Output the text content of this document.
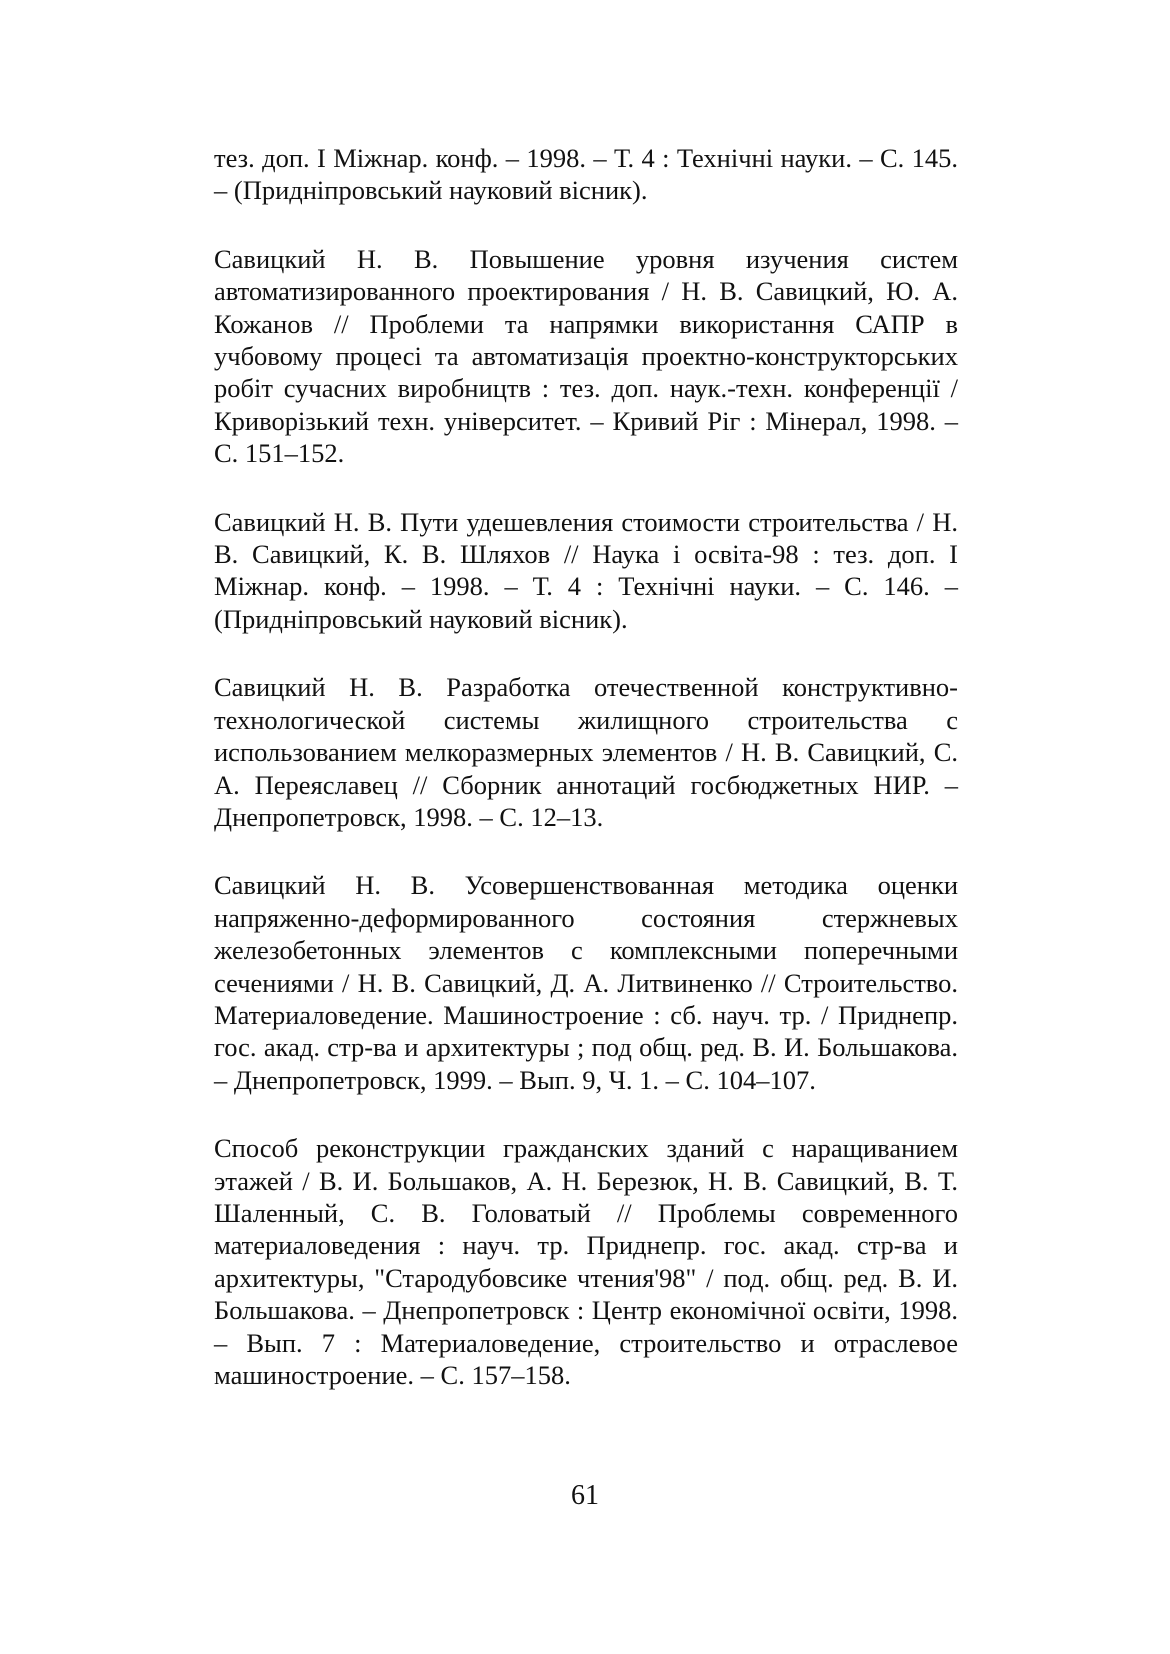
тез. доп. І Міжнар. конф. – 1998. – Т. 4 : Технічні науки. – С. 145. – (Придніпровський науковий вісник).

Савицкий Н. В. Повышение уровня изучения систем автоматизированного проектирования / Н. В. Савицкий, Ю. А. Кожанов // Проблеми та напрямки використання САПР в учбовому процесі та автоматизація проектно-конструкторських робіт сучасних виробництв : тез. доп. наук.-техн. конференції / Криворізький техн. університет. – Кривий Ріг : Мінерал, 1998. – С. 151–152.

Савицкий Н. В. Пути удешевления стоимости строительства / Н. В. Савицкий, К. В. Шляхов // Наука і освіта-98 : тез. доп. І Міжнар. конф. – 1998. – Т. 4 : Технічні науки. – С. 146. – (Придніпровський науковий вісник).

Савицкий Н. В. Разработка отечественной конструктивно-технологической системы жилищного строительства с использованием мелкоразмерных элементов / Н. В. Савицкий, С. А. Переяславец // Сборник аннотаций госбюджетных НИР. – Днепропетровск, 1998. – С. 12–13.

Савицкий Н. В. Усовершенствованная методика оценки напряженно-деформированного состояния стержневых железобетонных элементов с комплексными поперечными сечениями / Н. В. Савицкий, Д. А. Литвиненко // Строительство. Материаловедение. Машиностроение : сб. науч. тр. / Приднепр. гос. акад. стр-ва и архитектуры ; под общ. ред. В. И. Большакова. – Днепропетровск, 1999. – Вып. 9, Ч. 1. – С. 104–107.

Способ реконструкции гражданских зданий с наращиванием этажей / В. И. Большаков, А. Н. Березюк, Н. В. Савицкий, В. Т. Шаленный, С. В. Головатый // Проблемы современного материаловедения : науч. тр. Приднепр. гос. акад. стр-ва и архитектуры, "Стародубовсике чтения'98" / под. общ. ред. В. И. Большакова. – Днепропетровск : Центр економічної освіти, 1998. – Вып. 7 : Материаловедение, строительство и отраслевое машиностроение. – С. 157–158.

61
